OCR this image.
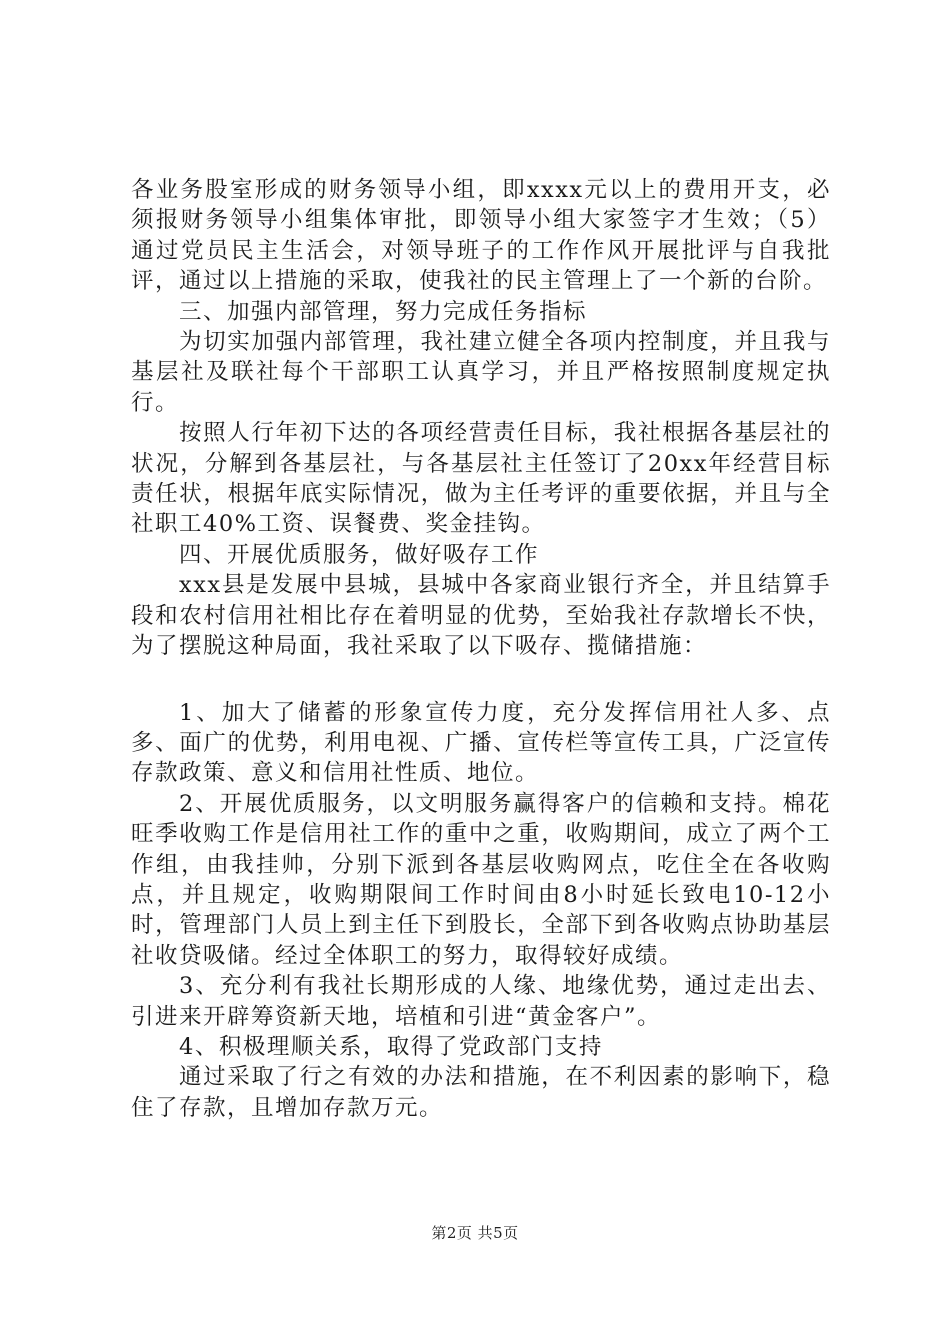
各业务股室形成的财务领导小组，即xxxx元以上的费用开支，必须报财务领导小组集体审批，即领导小组大家签字才生效；（5）通过党员民主生活会，对领导班子的工作作风开展批评与自我批评，通过以上措施的采取，使我社的民主管理上了一个新的台阶。

三、加强内部管理，努力完成任务指标

为切实加强内部管理，我社建立健全各项内控制度，并且我与基层社及联社每个干部职工认真学习，并且严格按照制度规定执行。

按照人行年初下达的各项经营责任目标，我社根据各基层社的状况，分解到各基层社，与各基层社主任签订了20xx年经营目标责任状，根据年底实际情况，做为主任考评的重要依据，并且与全社职工40%工资、误餐费、奖金挂钩。

四、开展优质服务，做好吸存工作

xxx县是发展中县城，县城中各家商业银行齐全，并且结算手段和农村信用社相比存在着明显的优势，至始我社存款增长不快，为了摆脱这种局面，我社采取了以下吸存、揽储措施：

1、加大了储蓄的形象宣传力度，充分发挥信用社人多、点多、面广的优势，利用电视、广播、宣传栏等宣传工具，广泛宣传存款政策、意义和信用社性质、地位。

2、开展优质服务，以文明服务赢得客户的信赖和支持。棉花旺季收购工作是信用社工作的重中之重，收购期间，成立了两个工作组，由我挂帅，分别下派到各基层收购网点，吃住全在各收购点，并且规定，收购期限间工作时间由8小时延长致电10-12小时，管理部门人员上到主任下到股长，全部下到各收购点协助基层社收贷吸储。经过全体职工的努力，取得较好成绩。

3、充分利有我社长期形成的人缘、地缘优势，通过走出去、引进来开辟筹资新天地，培植和引进“黄金客户”。

4、积极理顺关系，取得了党政部门支持

通过采取了行之有效的办法和措施，在不利因素的影响下，稳住了存款，且增加存款万元。

第2页 共5页
